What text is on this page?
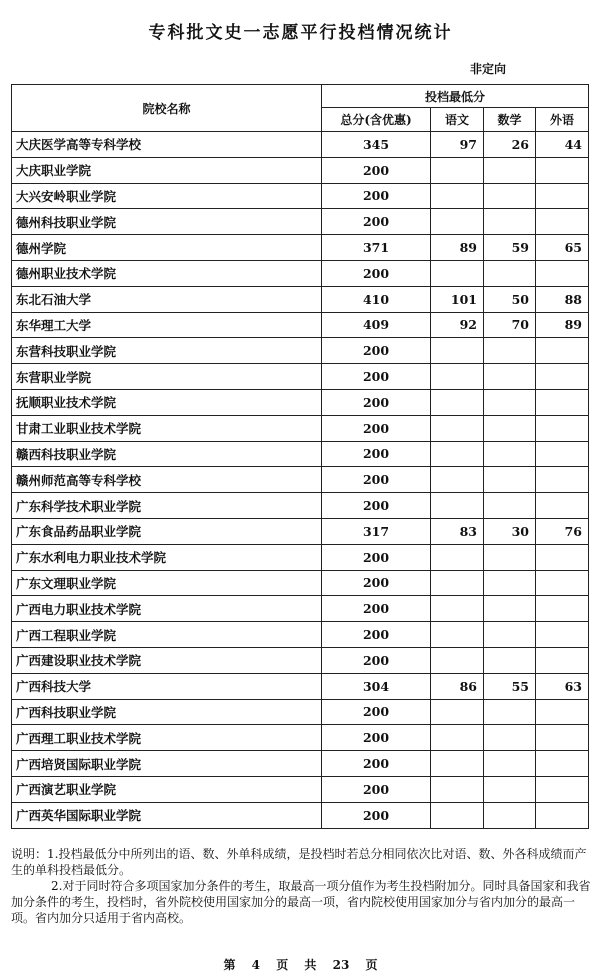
专科批文史一志愿平行投档情况统计
非定向
院校名称	投档最低分			
	总分(含优惠)	语文	数学	外语
大庆医学高等专科学校	345	97	26	44
大庆职业学院	200			
大兴安岭职业学院	200			
德州科技职业学院	200			
德州学院	371	89	59	65
德州职业技术学院	200			
东北石油大学	410	101	50	88
东华理工大学	409	92	70	89
东营科技职业学院	200			
东营职业学院	200			
抚顺职业技术学院	200			
甘肃工业职业技术学院	200			
赣西科技职业学院	200			
赣州师范高等专科学校	200			
广东科学技术职业学院	200			
广东食品药品职业学院	317	83	30	76
广东水利电力职业技术学院	200			
广东文理职业学院	200			
广西电力职业技术学院	200			
广西工程职业学院	200			
广西建设职业技术学院	200			
广西科技大学	304	86	55	63
广西科技职业学院	200			
广西理工职业技术学院	200			
广西培贤国际职业学院	200			
广西演艺职业学院	200			
广西英华国际职业学院	200			

说明：1.投档最低分中所列出的语、数、外单科成绩，是投档时若总分相同依次比对语、数、外各科成绩而产生的单科投档最低分。

2.对于同时符合多项国家加分条件的考生，取最高一项分值作为考生投档附加分。同时具备国家和我省加分条件的考生，投档时，省外院校使用国家加分的最高一项，省内院校使用国家加分与省内加分的最高一项。省内加分只适用于省内高校。

第 4 页 共 23 页
